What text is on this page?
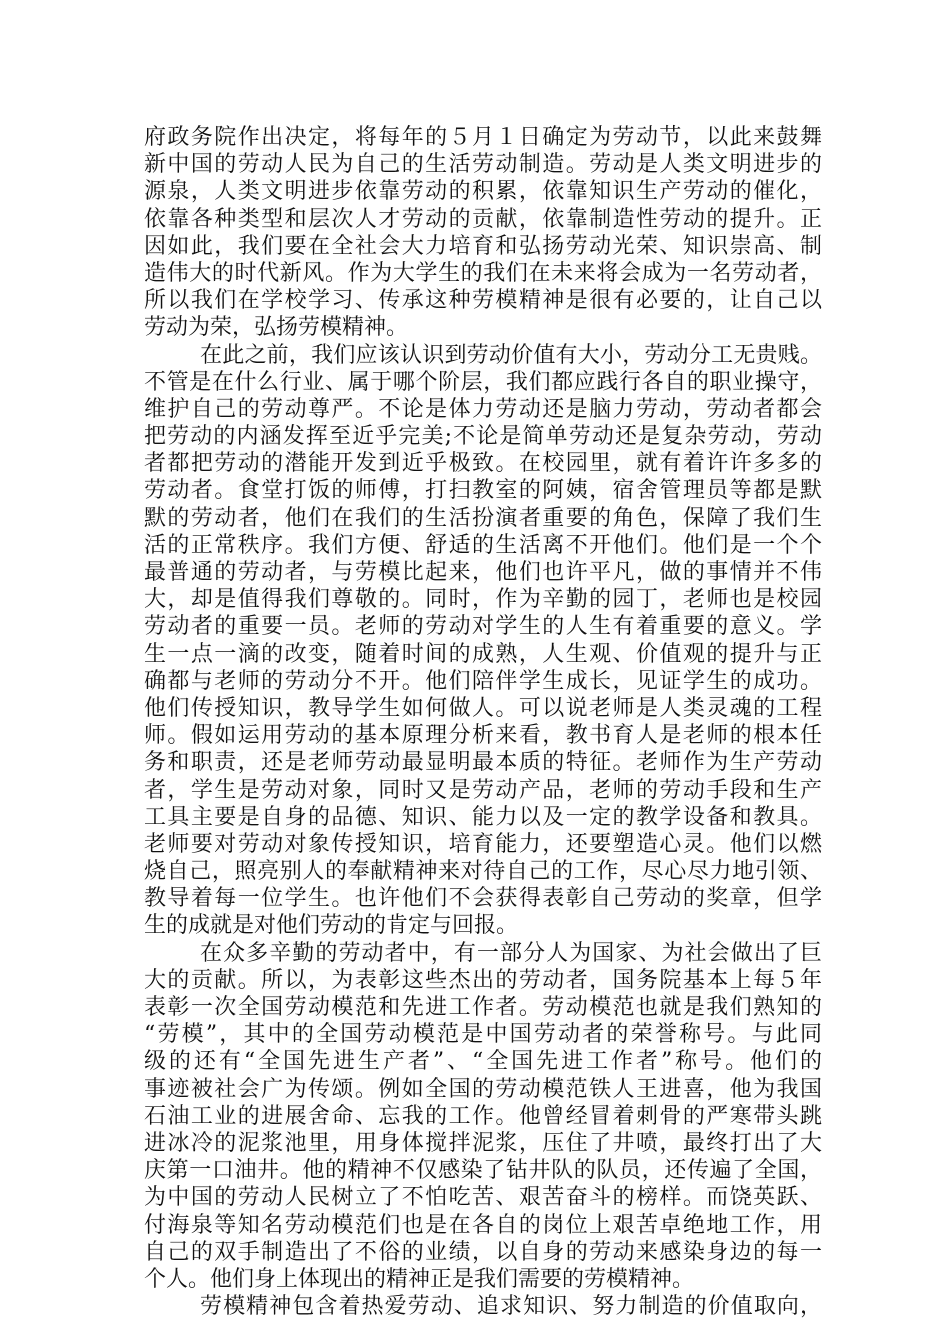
府政务院作出决定，将每年的５月１日确定为劳动节，以此来鼓舞
新中国的劳动人民为自己的生活劳动制造。劳动是人类文明进步的
源泉，人类文明进步依靠劳动的积累，依靠知识生产劳动的催化，
依靠各种类型和层次人才劳动的贡献，依靠制造性劳动的提升。正
因如此，我们要在全社会大力培育和弘扬劳动光荣、知识崇高、制
造伟大的时代新风。作为大学生的我们在未来将会成为一名劳动者，
所以我们在学校学习、传承这种劳模精神是很有必要的，让自己以
劳动为荣，弘扬劳模精神。
在此之前，我们应该认识到劳动价值有大小，劳动分工无贵贱。
不管是在什么行业、属于哪个阶层，我们都应践行各自的职业操守，
维护自己的劳动尊严。不论是体力劳动还是脑力劳动，劳动者都会
把劳动的内涵发挥至近乎完美;不论是简单劳动还是复杂劳动，劳动
者都把劳动的潜能开发到近乎极致。在校园里，就有着许许多多的
劳动者。食堂打饭的师傅，打扫教室的阿姨，宿舍管理员等都是默
默的劳动者，他们在我们的生活扮演者重要的角色，保障了我们生
活的正常秩序。我们方便、舒适的生活离不开他们。他们是一个个
最普通的劳动者，与劳模比起来，他们也许平凡，做的事情并不伟
大，却是值得我们尊敬的。同时，作为辛勤的园丁，老师也是校园
劳动者的重要一员。老师的劳动对学生的人生有着重要的意义。学
生一点一滴的改变，随着时间的成熟，人生观、价值观的提升与正
确都与老师的劳动分不开。他们陪伴学生成长，见证学生的成功。
他们传授知识，教导学生如何做人。可以说老师是人类灵魂的工程
师。假如运用劳动的基本原理分析来看，教书育人是老师的根本任
务和职责，还是老师劳动最显明最本质的特征。老师作为生产劳动
者，学生是劳动对象，同时又是劳动产品，老师的劳动手段和生产
工具主要是自身的品德、知识、能力以及一定的教学设备和教具。
老师要对劳动对象传授知识，培育能力，还要塑造心灵。他们以燃
烧自己，照亮别人的奉献精神来对待自己的工作，尽心尽力地引领、
教导着每一位学生。也许他们不会获得表彰自己劳动的奖章，但学
生的成就是对他们劳动的肯定与回报。
在众多辛勤的劳动者中，有一部分人为国家、为社会做出了巨
大的贡献。所以，为表彰这些杰出的劳动者，国务院基本上每５年
表彰一次全国劳动模范和先进工作者。劳动模范也就是我们熟知的
“劳模”，其中的全国劳动模范是中国劳动者的荣誉称号。与此同
级的还有“全国先进生产者”、“全国先进工作者”称号。他们的
事迹被社会广为传颂。例如全国的劳动模范铁人王进喜，他为我国
石油工业的进展舍命、忘我的工作。他曾经冒着刺骨的严寒带头跳
进冰冷的泥浆池里，用身体搅拌泥浆，压住了井喷，最终打出了大
庆第一口油井。他的精神不仅感染了钻井队的队员，还传遍了全国，
为中国的劳动人民树立了不怕吃苦、艰苦奋斗的榜样。而饶英跃、
付海泉等知名劳动模范们也是在各自的岗位上艰苦卓绝地工作，用
自己的双手制造出了不俗的业绩，以自身的劳动来感染身边的每一
个人。他们身上体现出的精神正是我们需要的劳模精神。
劳模精神包含着热爱劳动、追求知识、努力制造的价值取向，
